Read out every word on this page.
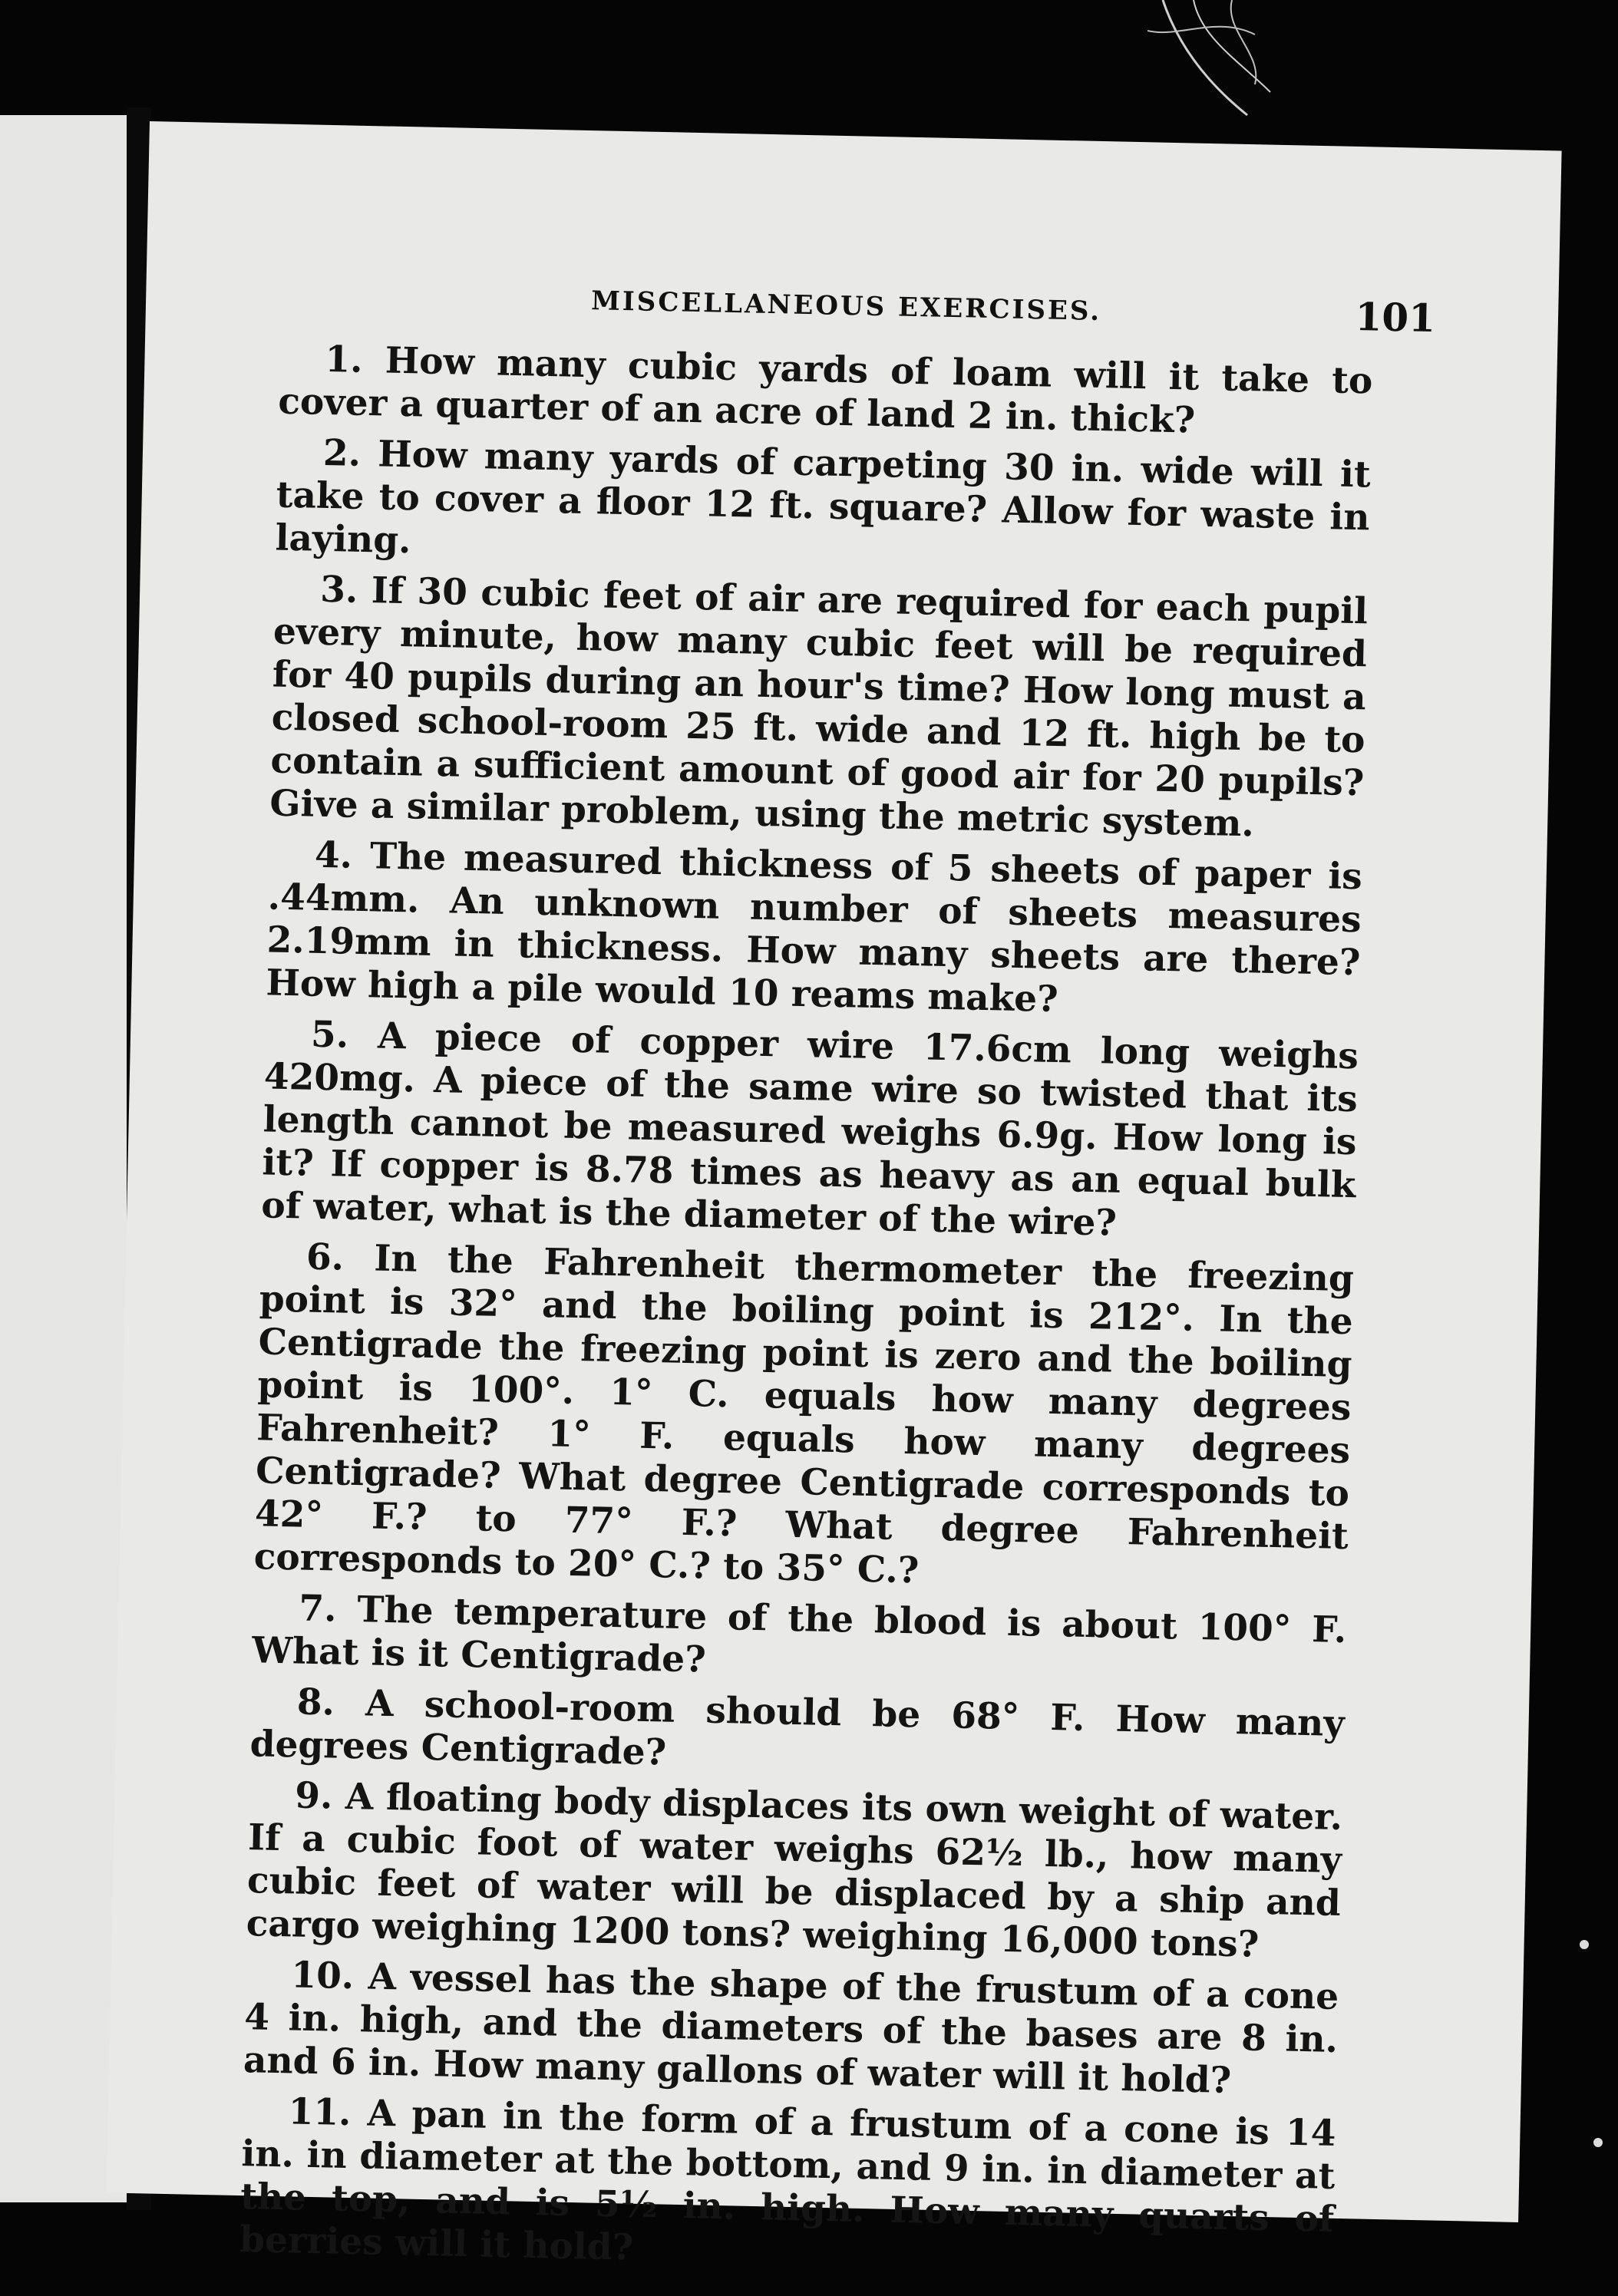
MISCELLANEOUS EXERCISES.	101

1. How many cubic yards of loam will it take to cover a quarter of an acre of land 2 in. thick?

2. How many yards of carpeting 30 in. wide will it take to cover a floor 12 ft. square? Allow for waste in laying.

3. If 30 cubic feet of air are required for each pupil every minute, how many cubic feet will be required for 40 pupils during an hour's time? How long must a closed school-room 25 ft. wide and 12 ft. high be to contain a sufficient amount of good air for 20 pupils? Give a similar problem, using the metric system.

4. The measured thickness of 5 sheets of paper is .44mm. An unknown number of sheets measures 2.19mm in thickness. How many sheets are there? How high a pile would 10 reams make?

5. A piece of copper wire 17.6cm long weighs 420mg. A piece of the same wire so twisted that its length cannot be measured weighs 6.9g. How long is it? If copper is 8.78 times as heavy as an equal bulk of water, what is the diameter of the wire?

6. In the Fahrenheit thermometer the freezing point is 32° and the boiling point is 212°. In the Centigrade the freezing point is zero and the boiling point is 100°. 1° C. equals how many degrees Fahrenheit? 1° F. equals how many degrees Centigrade? What degree Centigrade corresponds to 42° F.? to 77° F.? What degree Fahrenheit corresponds to 20° C.? to 35° C.?

7. The temperature of the blood is about 100° F. What is it Centigrade?

8. A school-room should be 68° F. How many degrees Centigrade?

9. A floating body displaces its own weight of water. If a cubic foot of water weighs 62½ lb., how many cubic feet of water will be displaced by a ship and cargo weighing 1200 tons? weighing 16,000 tons?

10. A vessel has the shape of the frustum of a cone 4 in. high, and the diameters of the bases are 8 in. and 6 in. How many gallons of water will it hold?

11. A pan in the form of a frustum of a cone is 14 in. in diameter at the bottom, and 9 in. in diameter at the top, and is 5½ in. high. How many quarts of berries will it hold?
